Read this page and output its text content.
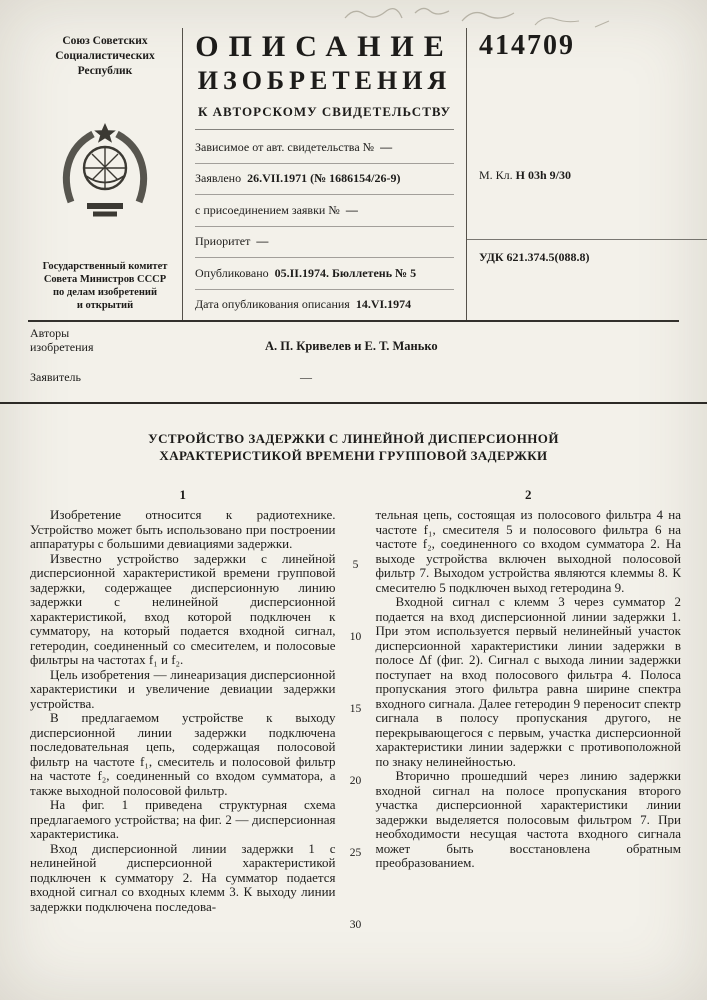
Союз Советских
Социалистических
Республик
Государственный комитет
Совета Министров СССР
по делам изобретений
и открытий
ОПИСАНИЕ
ИЗОБРЕТЕНИЯ
К АВТОРСКОМУ СВИДЕТЕЛЬСТВУ
Зависимое от авт. свидетельства № —
Заявлено 26.VII.1971 (№ 1686154/26-9)
с присоединением заявки № —
Приоритет —
Опубликовано 05.II.1974. Бюллетень № 5
Дата опубликования описания 14.VI.1974
414709
М. Кл. Н 03h 9/30
УДК 621.374.5(088.8)
Авторы
изобретения	А. П. Кривелев и Е. Т. Манько
Заявитель	—
УСТРОЙСТВО ЗАДЕРЖКИ С ЛИНЕЙНОЙ ДИСПЕРСИОННОЙ
ХАРАКТЕРИСТИКОЙ ВРЕМЕНИ ГРУППОВОЙ ЗАДЕРЖКИ
1

Изобретение относится к радиотехнике. Устройство может быть использовано при построении аппаратуры с большими девиациями задержки.

Известно устройство задержки с линейной дисперсионной характеристикой времени групповой задержки, содержащее дисперсионную линию задержки с нелинейной дисперсионной характеристикой, вход которой подключен к сумматору, на который подается входной сигнал, гетеродин, соединенный со смесителем, и полосовые фильтры на частотах f₁ и f₂.

Цель изобретения — линеаризация дисперсионной характеристики и увеличение девиации задержки устройства.

В предлагаемом устройстве к выходу дисперсионной линии задержки подключена последовательная цепь, содержащая полосовой фильтр на частоте f₁, смеситель и полосовой фильтр на частоте f₂, соединенный со входом сумматора, а также выходной полосовой фильтр.

На фиг. 1 приведена структурная схема предлагаемого устройства; на фиг. 2 — дисперсионная характеристика.

Вход дисперсионной линии задержки 1 с нелинейной дисперсионной характеристикой подключен к сумматору 2. На сумматор подается входной сигнал со входных клемм 3. К выходу линии задержки подключена последова-

2

тельная цепь, состоящая из полосового фильтра 4 на частоте f₁, смесителя 5 и полосового фильтра 6 на частоте f₂, соединенного со входом сумматора 2. На выходе устройства включен выходной полосовой фильтр 7. Выходом устройства являются клеммы 8. К смесителю 5 подключен выход гетеродина 9.

Входной сигнал с клемм 3 через сумматор 2 подается на вход дисперсионной линии задержки 1. При этом используется первый нелинейный участок дисперсионной характеристики линии задержки в полосе Δf (фиг. 2). Сигнал с выхода линии задержки поступает на вход полосового фильтра 4. Полоса пропускания этого фильтра равна ширине спектра входного сигнала. Далее гетеродин 9 переносит спектр сигнала в полосу пропускания другого, не перекрывающегося с первым, участка дисперсионной характеристики линии задержки с противоположной по знаку нелинейностью.

Вторично прошедший через линию задержки входной сигнал на полосе пропускания второго участка дисперсионной характеристики линии задержки выделяется полосовым фильтром 7. При необходимости несущая частота входного сигнала может быть восстановлена обратным преобразованием.

5
10
15
20
25
30
